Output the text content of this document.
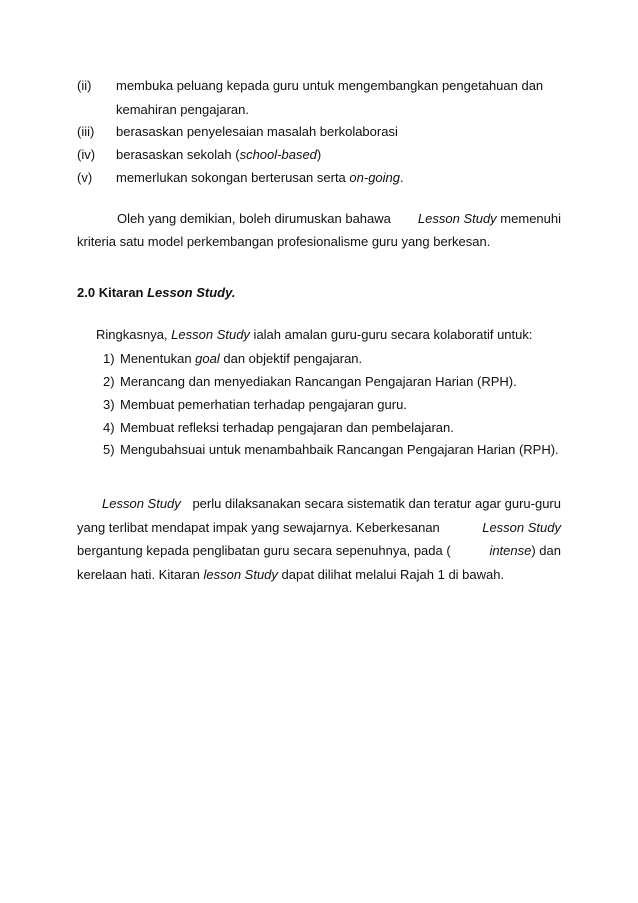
(ii) membuka peluang kepada guru untuk mengembangkan pengetahuan dan
kemahiran pengajaran.
(iii) berasaskan penyelesaian masalah berkolaborasi
(iv) berasaskan sekolah (school-based)
(v) memerlukan sokongan berterusan serta on-going.
Oleh yang demikian, boleh dirumuskan bahawa Lesson Study memenuhi
kriteria satu model perkembangan profesionalisme guru yang berkesan.
2.0 Kitaran Lesson Study.
Ringkasnya, Lesson Study ialah amalan guru-guru secara kolaboratif untuk:
1) Menentukan goal dan objektif pengajaran.
2) Merancang dan menyediakan Rancangan Pengajaran Harian (RPH).
3) Membuat pemerhatian terhadap pengajaran guru.
4) Membuat refleksi terhadap pengajaran dan pembelajaran.
5) Mengubahsuai untuk menambahbaik Rancangan Pengajaran Harian (RPH).
Lesson Study perlu dilaksanakan secara sistematik dan teratur agar guru-guru
yang terlibat mendapat impak yang sewajarnya. Keberkesanan	Lesson Study
bergantung kepada penglibatan guru secara sepenuhnya, pada (	intense) dan
kerelaan hati. Kitaran lesson Study dapat dilihat melalui Rajah 1 di bawah.
